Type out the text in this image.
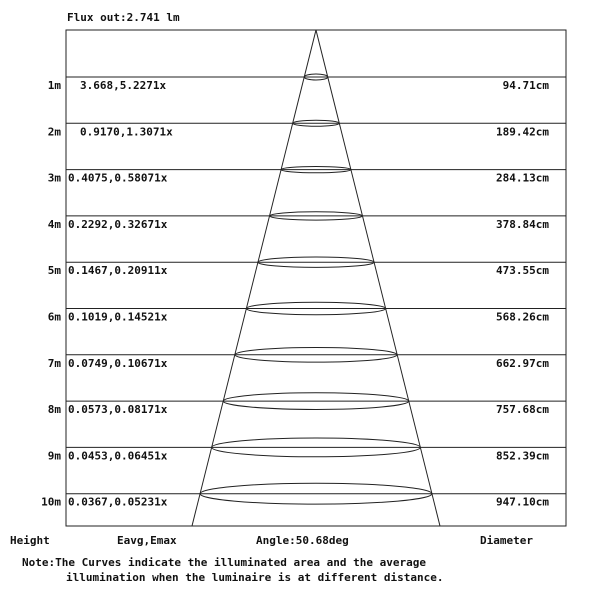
Flux out:2.741 lm
1m 3.668,5.2271x	94.71cm
2m 0.9170,1.3071x	189.42cm
3m 0.4075,0.58071x	284.13cm
4m 0.2292,0.32671x	378.84cm
5m 0.1467,0.20911x	473.55cm
6m 0.1019,0.14521x	568.26cm
7m 0.0749,0.10671x	662.97cm
8m 0.0573,0.08171x	757.68cm
9m 0.0453,0.06451x	852.39cm
10m 0.0367,0.05231x	947.10cm
Height	Eavg,Emax	Angle:50.68deg	Diameter
Note:The Curves indicate the illuminated area and the average
illumination when the luminaire is at different distance.
